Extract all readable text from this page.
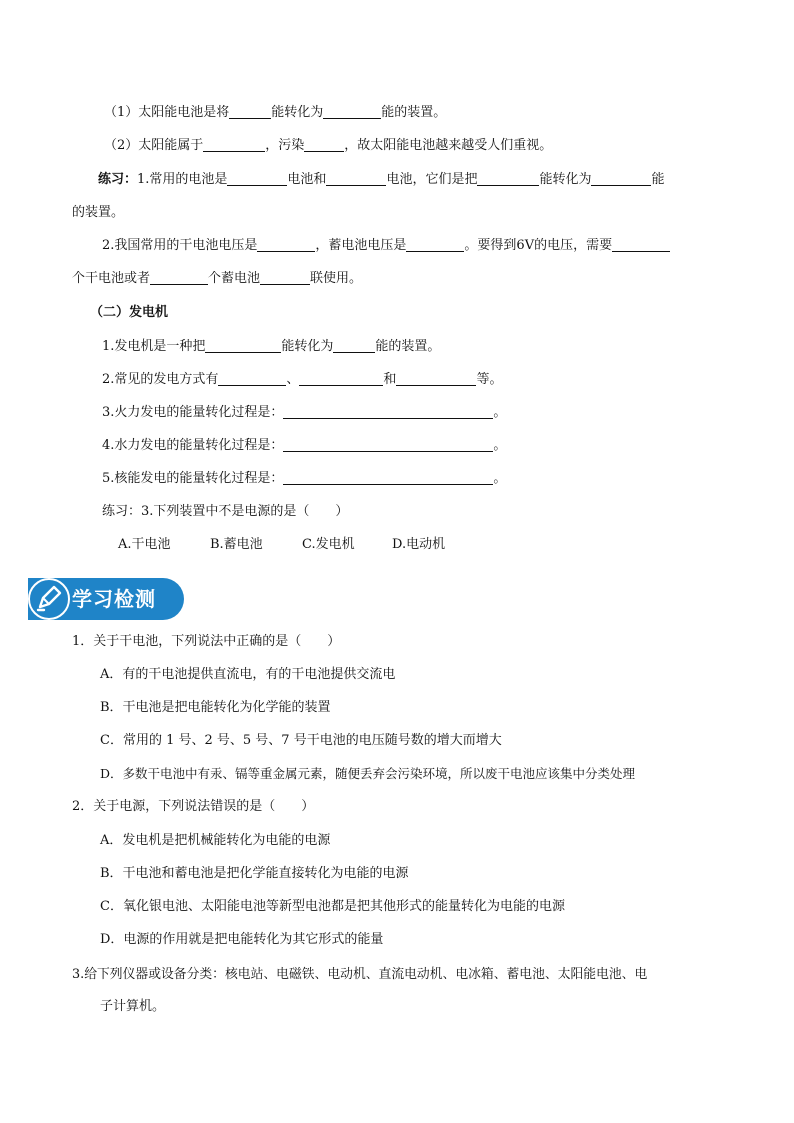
（1）太阳能电池是将	能转化为	能的装置。
（2）太阳能属于	，污染	，故太阳能电池越来越受人们重视。
练习：1.常用的电池是	电池和	电池，它们是把	能转化为	能
的装置。
2.我国常用的干电池电压是	，蓄电池电压是	。要得到6V的电压，需要
个干电池或者	个蓄电池	联使用。
（二）发电机
1.发电机是一种把	能转化为	能的装置。
2.常见的发电方式有	、	和	等。
3.火力发电的能量转化过程是：	。
4.水力发电的能量转化过程是：	。
5.核能发电的能量转化过程是：	。
练习：3.下列装置中不是电源的是（　　）
A.干电池	B.蓄电池	C.发电机	D.电动机
学习检测
1．关于干电池，下列说法中正确的是（　　）
A．有的干电池提供直流电，有的干电池提供交流电
B．干电池是把电能转化为化学能的装置
C．常用的 1 号、2 号、5 号、7 号干电池的电压随号数的增大而增大
D．多数干电池中有汞、镉等重金属元素，随便丢弃会污染环境，所以废干电池应该集中分类处理
2．关于电源，下列说法错误的是（　　）
A．发电机是把机械能转化为电能的电源
B．干电池和蓄电池是把化学能直接转化为电能的电源
C．氧化银电池、太阳能电池等新型电池都是把其他形式的能量转化为电能的电源
D．电源的作用就是把电能转化为其它形式的能量
3.给下列仪器或设备分类：核电站、电磁铁、电动机、直流电动机、电冰箱、蓄电池、太阳能电池、电
子计算机。
